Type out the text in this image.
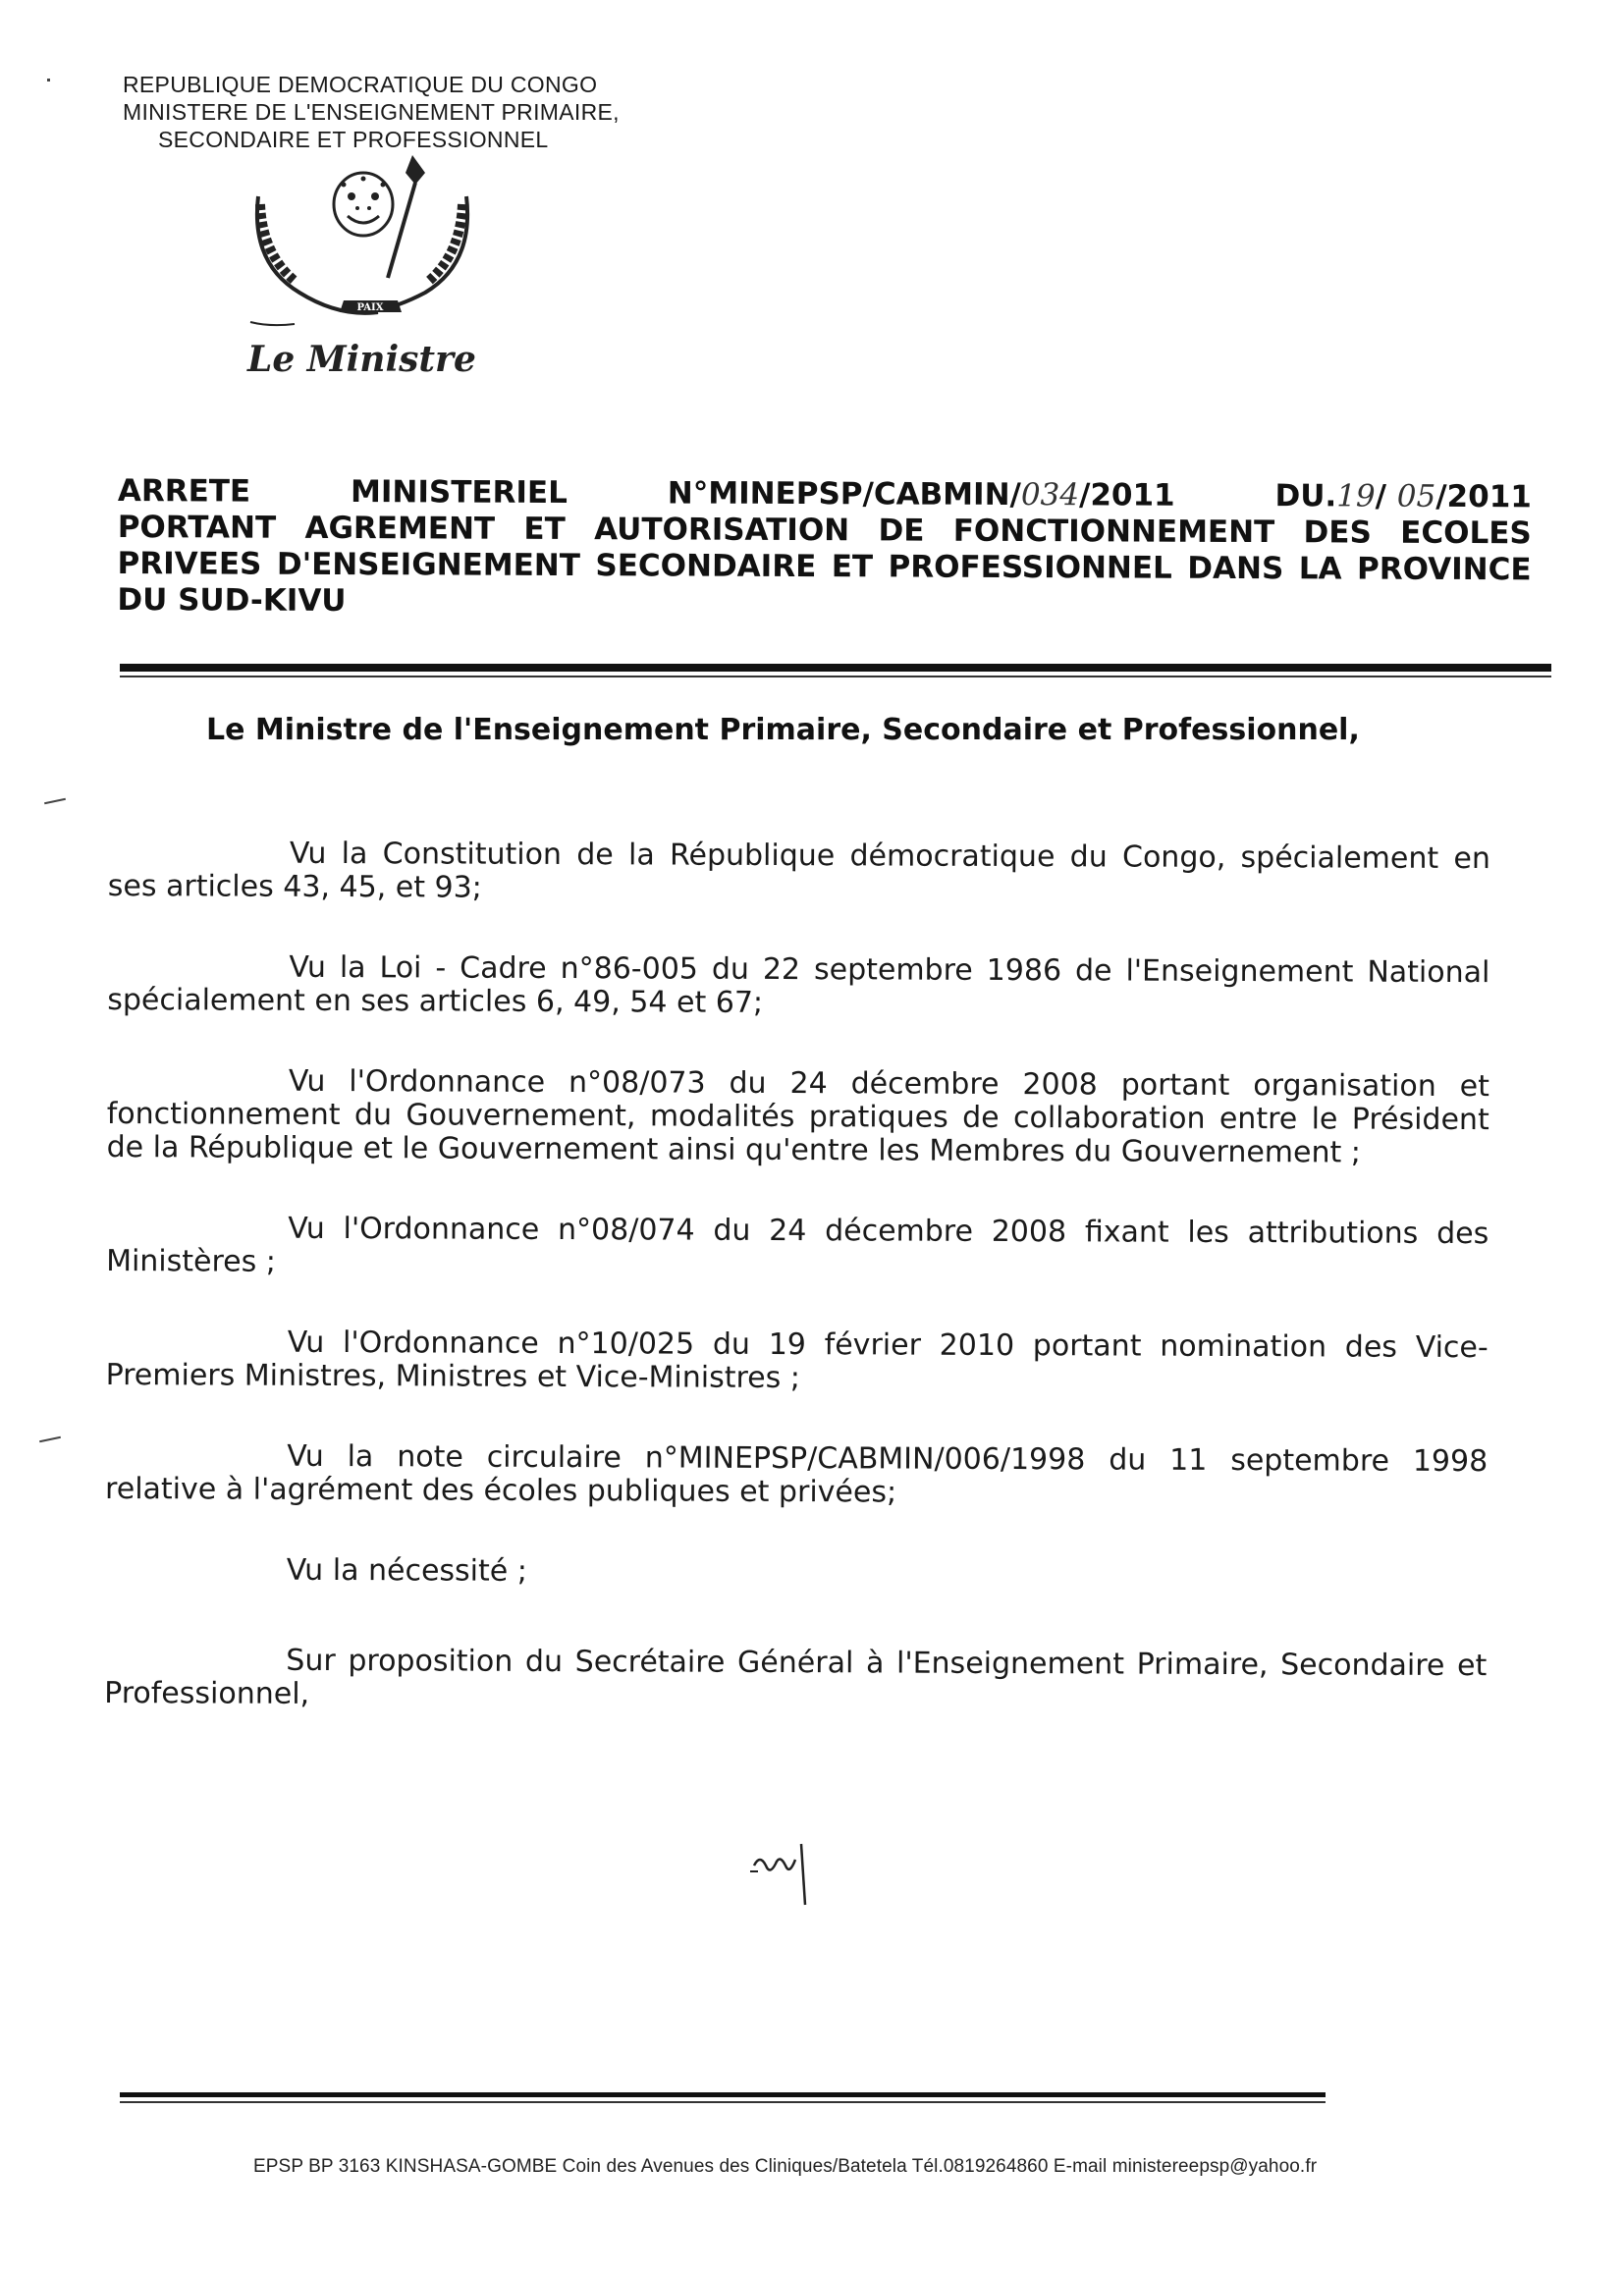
REPUBLIQUE DEMOCRATIQUE DU CONGO
MINISTERE DE L'ENSEIGNEMENT PRIMAIRE,
SECONDAIRE ET PROFESSIONNEL
PAIX
Le Ministre
ARRETE	MINISTERIEL	N°MINEPSP/CABMIN/034/2011	DU.19/ 05/2011
PORTANT AGREMENT ET AUTORISATION DE FONCTIONNEMENT DES ECOLES
PRIVEES D'ENSEIGNEMENT SECONDAIRE ET PROFESSIONNEL DANS LA PROVINCE
DU SUD-KIVU
Le Ministre de l'Enseignement Primaire, Secondaire et Professionnel,

Vu la Constitution de la République démocratique du Congo, spécialement en ses articles 43, 45, et 93;

Vu la Loi - Cadre n°86-005 du 22 septembre 1986 de l'Enseignement National spécialement en ses articles 6, 49, 54 et 67;

Vu l'Ordonnance n°08/073 du 24 décembre 2008 portant organisation et fonctionnement du Gouvernement, modalités pratiques de collaboration entre le Président de la République et le Gouvernement ainsi qu'entre les Membres du Gouvernement ;

Vu l'Ordonnance n°08/074 du 24 décembre 2008 fixant les attributions des Ministères ;

Vu l'Ordonnance n°10/025 du 19 février 2010 portant nomination des Vice-Premiers Ministres, Ministres et Vice-Ministres ;

Vu la note circulaire n°MINEPSP/CABMIN/006/1998 du 11 septembre 1998 relative à l'agrément des écoles publiques et privées;

Vu la nécessité ;

Sur proposition du Secrétaire Général à l'Enseignement Primaire, Secondaire et Professionnel,

EPSP BP 3163 KINSHASA-GOMBE Coin des Avenues des Cliniques/Batetela Tél.0819264860 E-mail ministereepsp@yahoo.fr
